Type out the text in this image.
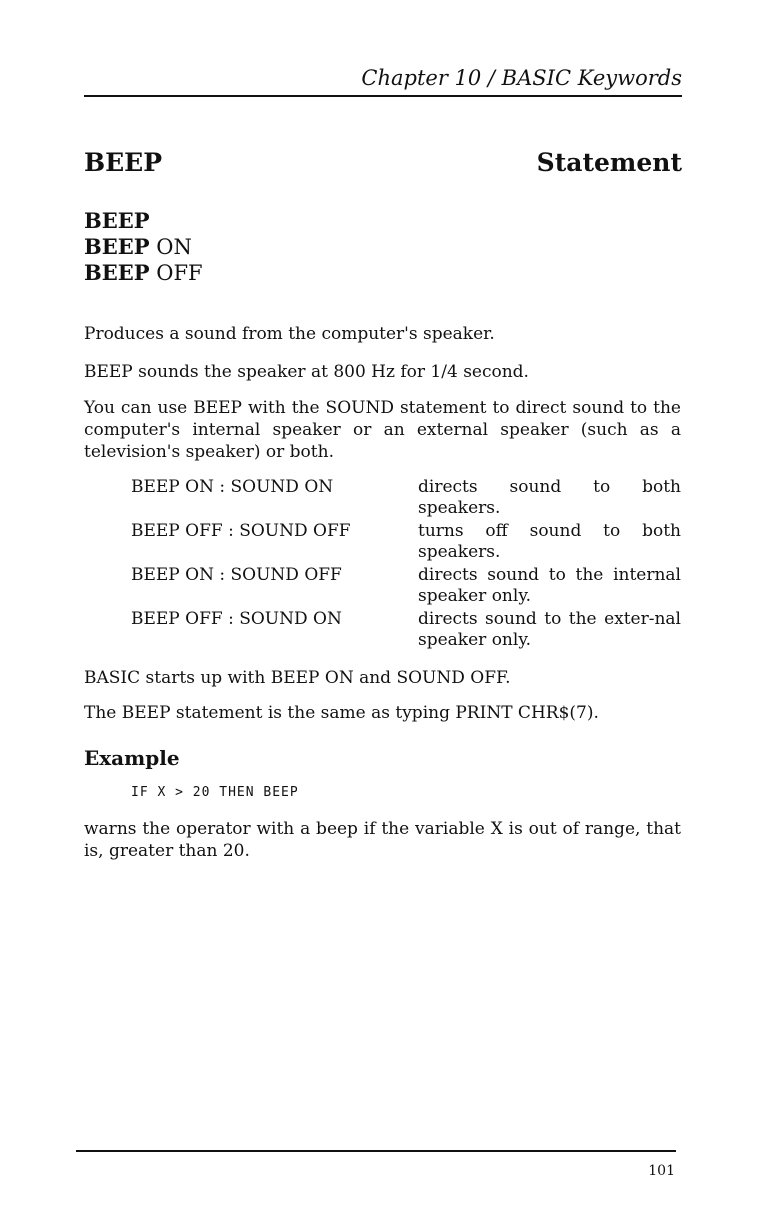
Chapter 10 / BASIC Keywords
BEEP	Statement
BEEP
BEEP ON
BEEP OFF
Produces a sound from the computer's speaker.
BEEP sounds the speaker at 800 Hz for 1/4 second.
You can use BEEP with the SOUND statement to direct sound to the computer's internal speaker or an external speaker (such as a television's speaker) or both.
BEEP ON : SOUND ON	directs sound to both speakers.
BEEP OFF : SOUND OFF	turns off sound to both speakers.
BEEP ON : SOUND OFF	directs sound to the internal speaker only.
BEEP OFF : SOUND ON	directs sound to the exter-nal speaker only.
BASIC starts up with BEEP ON and SOUND OFF.
The BEEP statement is the same as typing PRINT CHR$(7).
Example
IF X > 20 THEN BEEP
warns the operator with a beep if the variable X is out of range, that is, greater than 20.
101
